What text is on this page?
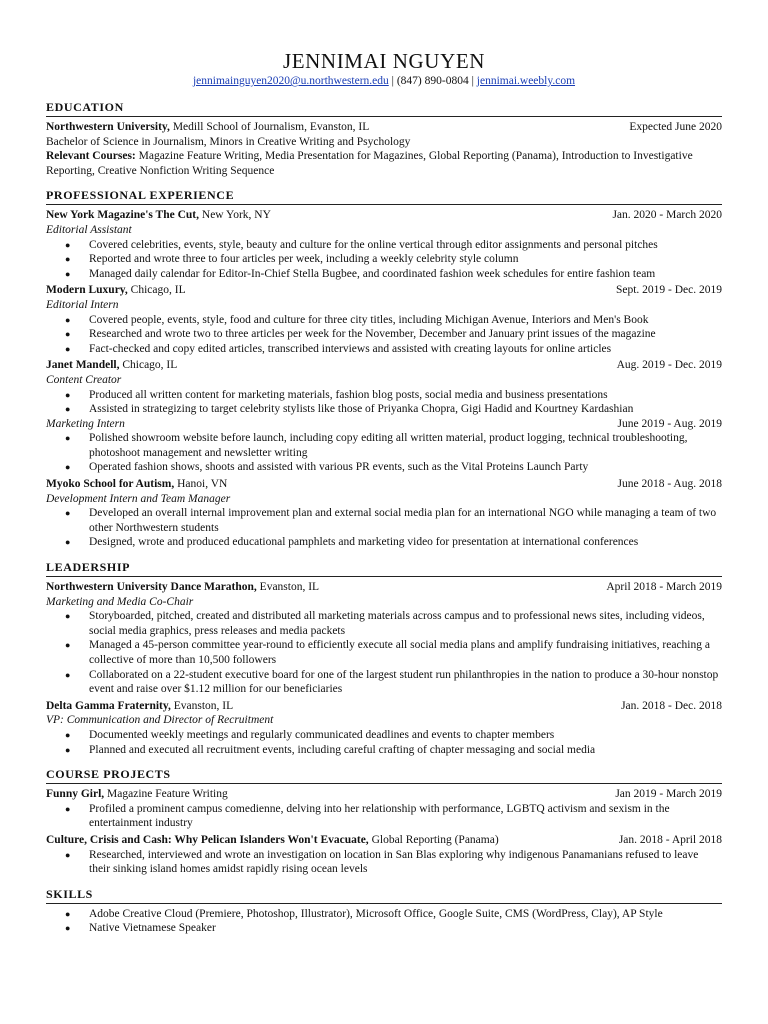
JENNIMAI NGUYEN
jennimainguyen2020@u.northwestern.edu | (847) 890-0804 | jennimai.weebly.com
EDUCATION
Northwestern University, Medill School of Journalism, Evanston, IL	Expected June 2020
Bachelor of Science in Journalism, Minors in Creative Writing and Psychology
Relevant Courses: Magazine Feature Writing, Media Presentation for Magazines, Global Reporting (Panama), Introduction to Investigative Reporting, Creative Nonfiction Writing Sequence
PROFESSIONAL EXPERIENCE
New York Magazine's The Cut, New York, NY	Jan. 2020 - March 2020
Editorial Assistant
● Covered celebrities, events, style, beauty and culture for the online vertical through editor assignments and personal pitches
● Reported and wrote three to four articles per week, including a weekly celebrity style column
● Managed daily calendar for Editor-In-Chief Stella Bugbee, and coordinated fashion week schedules for entire fashion team
Modern Luxury, Chicago, IL	Sept. 2019 - Dec. 2019
Editorial Intern
● Covered people, events, style, food and culture for three city titles, including Michigan Avenue, Interiors and Men's Book
● Researched and wrote two to three articles per week for the November, December and January print issues of the magazine
● Fact-checked and copy edited articles, transcribed interviews and assisted with creating layouts for online articles
Janet Mandell, Chicago, IL	Aug. 2019 - Dec. 2019
Content Creator
● Produced all written content for marketing materials, fashion blog posts, social media and business presentations
● Assisted in strategizing to target celebrity stylists like those of Priyanka Chopra, Gigi Hadid and Kourtney Kardashian
Marketing Intern	June 2019 - Aug. 2019
● Polished showroom website before launch, including copy editing all written material, product logging, technical troubleshooting, photoshoot management and newsletter writing
● Operated fashion shows, shoots and assisted with various PR events, such as the Vital Proteins Launch Party
Myoko School for Autism, Hanoi, VN	June 2018 - Aug. 2018
Development Intern and Team Manager
● Developed an overall internal improvement plan and external social media plan for an international NGO while managing a team of two other Northwestern students
● Designed, wrote and produced educational pamphlets and marketing video for presentation at international conferences
LEADERSHIP
Northwestern University Dance Marathon, Evanston, IL	April 2018 - March 2019
Marketing and Media Co-Chair
● Storyboarded, pitched, created and distributed all marketing materials across campus and to professional news sites, including videos, social media graphics, press releases and media packets
● Managed a 45-person committee year-round to efficiently execute all social media plans and amplify fundraising initiatives, reaching a collective of more than 10,500 followers
● Collaborated on a 22-student executive board for one of the largest student run philanthropies in the nation to produce a 30-hour nonstop event and raise over $1.12 million for our beneficiaries
Delta Gamma Fraternity, Evanston, IL	Jan. 2018 - Dec. 2018
VP: Communication and Director of Recruitment
● Documented weekly meetings and regularly communicated deadlines and events to chapter members
● Planned and executed all recruitment events, including careful crafting of chapter messaging and social media
COURSE PROJECTS
Funny Girl, Magazine Feature Writing	Jan 2019 - March 2019
● Profiled a prominent campus comedienne, delving into her relationship with performance, LGBTQ activism and sexism in the entertainment industry
Culture, Crisis and Cash: Why Pelican Islanders Won't Evacuate, Global Reporting (Panama)	Jan. 2018 - April 2018
● Researched, interviewed and wrote an investigation on location in San Blas exploring why indigenous Panamanians refused to leave their sinking island homes amidst rapidly rising ocean levels
SKILLS
● Adobe Creative Cloud (Premiere, Photoshop, Illustrator), Microsoft Office, Google Suite, CMS (WordPress, Clay), AP Style
● Native Vietnamese Speaker
